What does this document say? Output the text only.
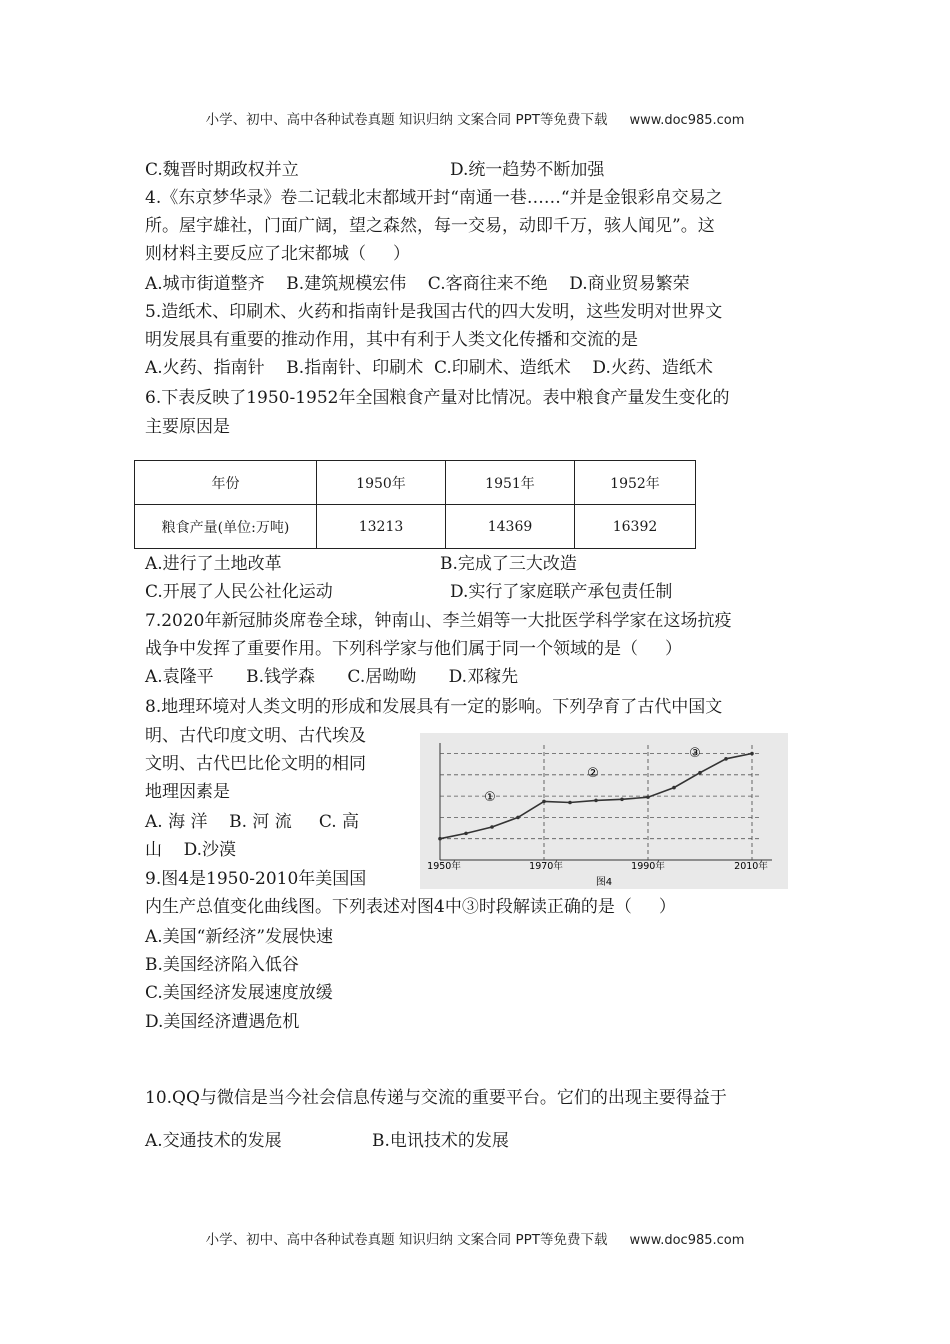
小学、初中、高中各种试卷真题 知识归纳 文案合同 PPT等免费下载 www.doc985.com
C.魏晋时期政权并立	D.统一趋势不断加强
4.《东京梦华录》卷二记载北末都域开封“南通一巷……“并是金银彩帛交易之
所。屋宇雄社，门面广阔，望之森然，每一交易，动即千万，骇人闻见”。这
则材料主要反应了北宋都城（     ）
A.城市街道整齐    B.建筑规模宏伟    C.客商往来不绝    D.商业贸易繁荣
5.造纸术、印刷术、火药和指南针是我国古代的四大发明，这些发明对世界文
明发展具有重要的推动作用，其中有利于人类文化传播和交流的是
A.火药、指南针    B.指南针、印刷术  C.印刷术、造纸术    D.火药、造纸术
6.下表反映了1950-1952年全国粮食产量对比情况。表中粮食产量发生变化的
主要原因是
年份	1950年	1951年	1952年
粮食产量(单位:万吨)	13213	14369	16392
A.进行了土地改革	B.完成了三大改造
C.开展了人民公社化运动	D.实行了家庭联产承包责任制
7.2020年新冠肺炎席卷全球，钟南山、李兰娟等一大批医学科学家在这场抗疫
战争中发挥了重要作用。下列科学家与他们属于同一个领域的是（     ）
A.袁隆平      B.钱学森      C.居呦呦      D.邓稼先
8.地理环境对人类文明的形成和发展具有一定的影响。下列孕育了古代中国文
明、古代印度文明、古代埃及
文明、古代巴比伦文明的相同
地理因素是
A. 海 洋    B. 河 流     C. 高
山    D.沙漠
9.图4是1950-2010年美国国
内生产总值变化曲线图。下列表述对图4中③时段解读正确的是（     ）
A.美国“新经济”发展快速
B.美国经济陷入低谷
C.美国经济发展速度放缓
D.美国经济遭遇危机
10.QQ与微信是当今社会信息传递与交流的重要平台。它们的出现主要得益于
A.交通技术的发展	B.电讯技术的发展
①
②
③
1950年	1970年	1990年	2010年
图4
小学、初中、高中各种试卷真题 知识归纳 文案合同 PPT等免费下载 www.doc985.com
